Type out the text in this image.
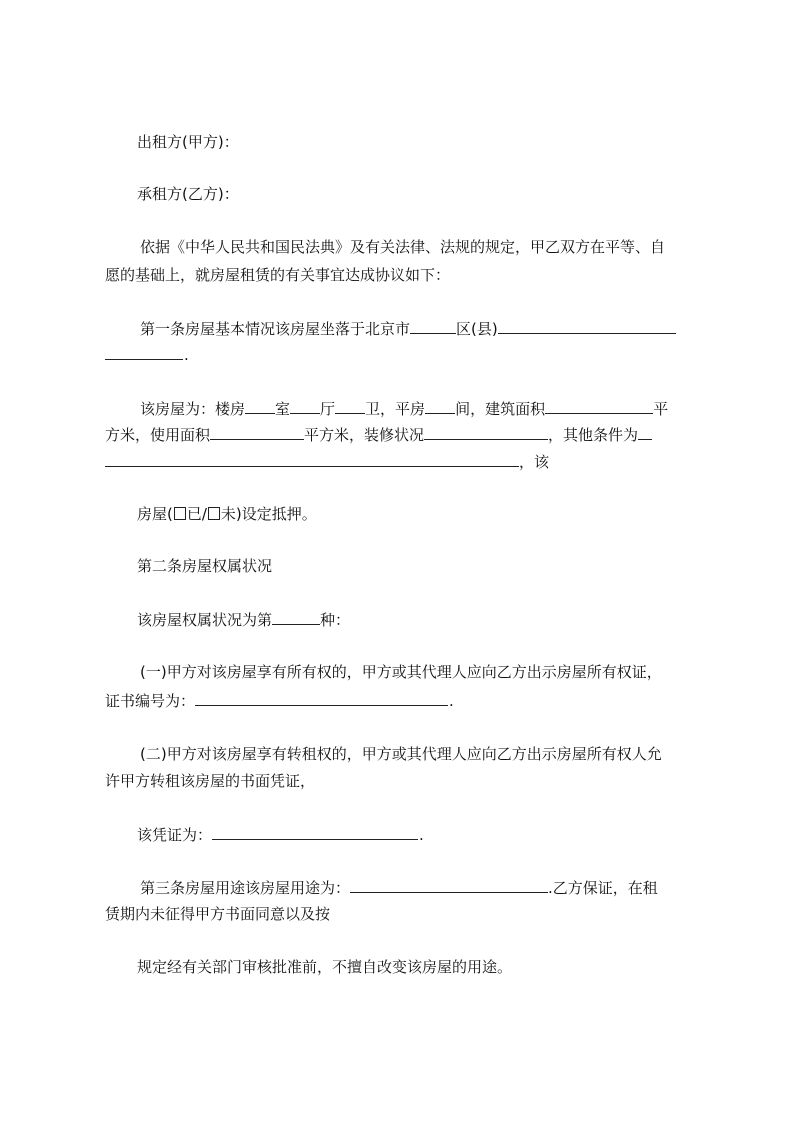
出租方(甲方)：
承租方(乙方)：
依据《中华人民共和国民法典》及有关法律、法规的规定，甲乙双方在平等、自
愿的基础上，就房屋租赁的有关事宜达成协议如下：
第一条房屋基本情况该房屋坐落于北京市	区(县)
.
该房屋为：楼房 室 厅 卫，平房 间，建筑面积	平
方米，使用面积	平方米，装修状况	，其他条件为
，该
房屋( 已/ 未)设定抵押。
第二条房屋权属状况
该房屋权属状况为第	种：
(一)甲方对该房屋享有所有权的，甲方或其代理人应向乙方出示房屋所有权证，
证书编号为：	.
(二)甲方对该房屋享有转租权的，甲方或其代理人应向乙方出示房屋所有权人允
许甲方转租该房屋的书面凭证，
该凭证为：	.
第三条房屋用途该房屋用途为：	.乙方保证，在租
赁期内未征得甲方书面同意以及按
规定经有关部门审核批准前，不擅自改变该房屋的用途。
